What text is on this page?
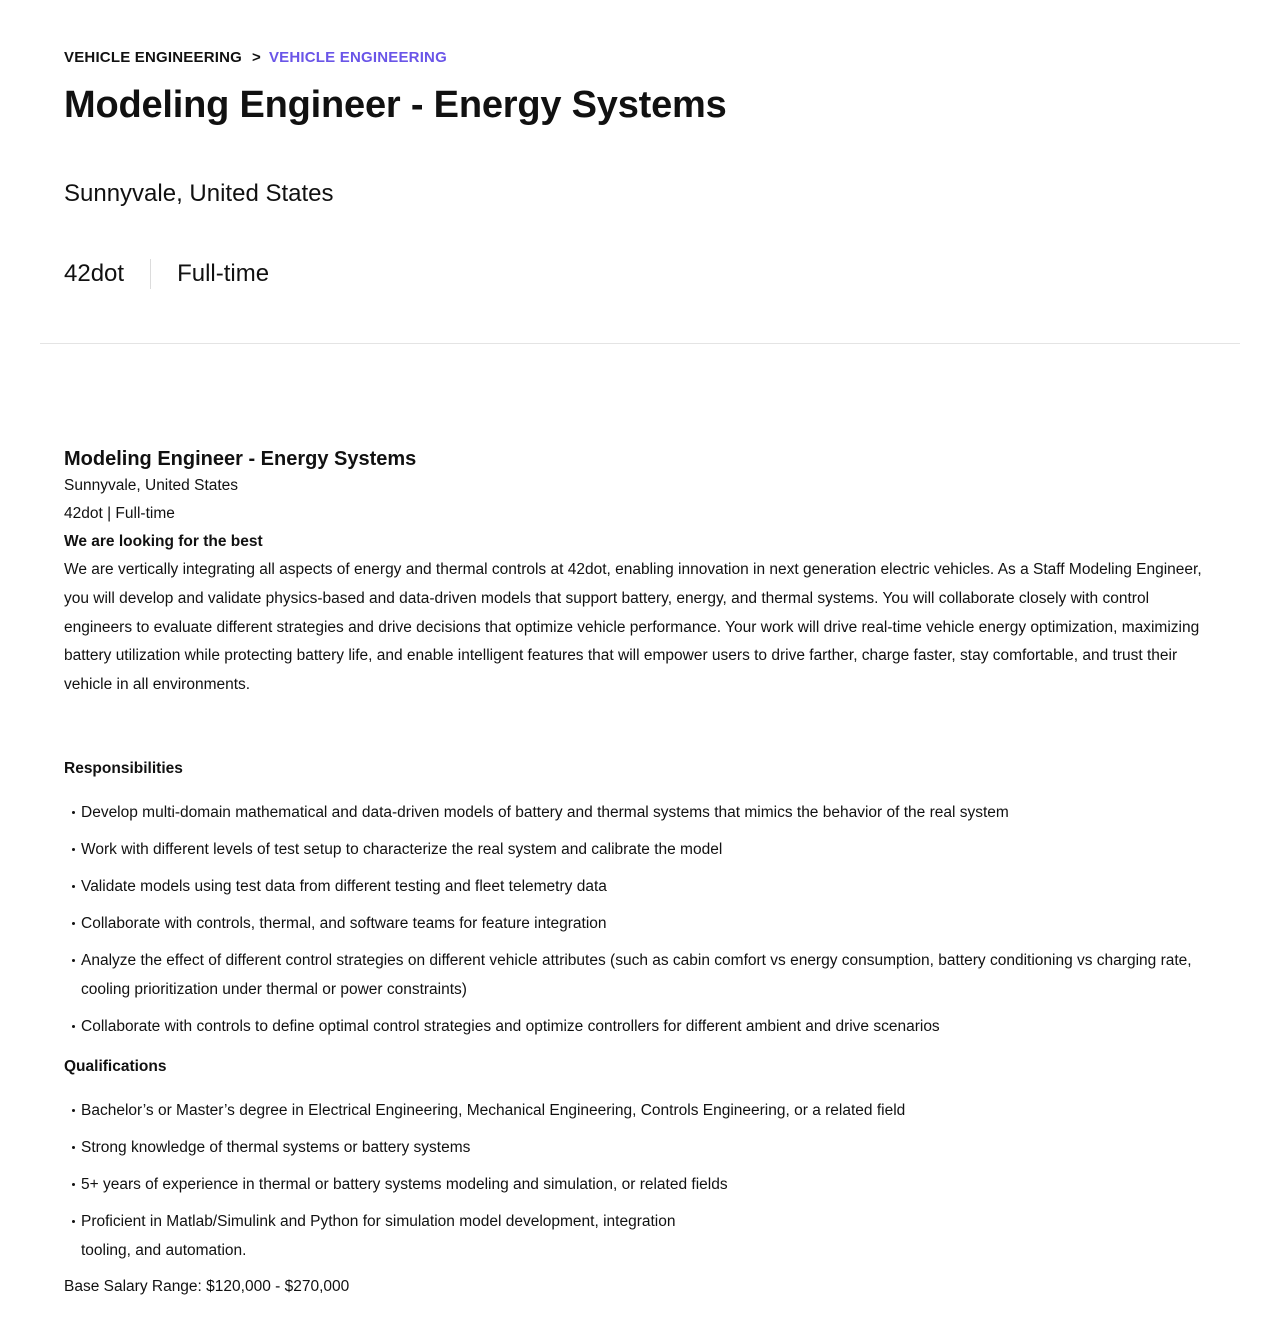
VEHICLE ENGINEERING > VEHICLE ENGINEERING
Modeling Engineer - Energy Systems
Sunnyvale, United States
42dot Full-time
Modeling Engineer - Energy Systems

Sunnyvale, United States

42dot | Full-time

We are looking for the best

We are vertically integrating all aspects of energy and thermal controls at 42dot, enabling innovation in next generation electric vehicles. As a Staff Modeling Engineer, you will develop and validate physics-based and data-driven models that support battery, energy, and thermal systems. You will collaborate closely with control engineers to evaluate different strategies and drive decisions that optimize vehicle performance. Your work will drive real-time vehicle energy optimization, maximizing battery utilization while protecting battery life, and enable intelligent features that will empower users to drive farther, charge faster, stay comfortable, and trust their vehicle in all environments.

Responsibilities

Develop multi-domain mathematical and data-driven models of battery and thermal systems that mimics the behavior of the real system
Work with different levels of test setup to characterize the real system and calibrate the model
Validate models using test data from different testing and fleet telemetry data
Collaborate with controls, thermal, and software teams for feature integration
Analyze the effect of different control strategies on different vehicle attributes (such as cabin comfort vs energy consumption, battery conditioning vs charging rate, cooling prioritization under thermal or power constraints)
Collaborate with controls to define optimal control strategies and optimize controllers for different ambient and drive scenarios

Qualifications

Bachelor’s or Master’s degree in Electrical Engineering, Mechanical Engineering, Controls Engineering, or a related field
Strong knowledge of thermal systems or battery systems
5+ years of experience in thermal or battery systems modeling and simulation, or related fields
Proficient in Matlab/Simulink and Python for simulation model development, integration tooling, and automation.

Base Salary Range: $120,000 - $270,000
